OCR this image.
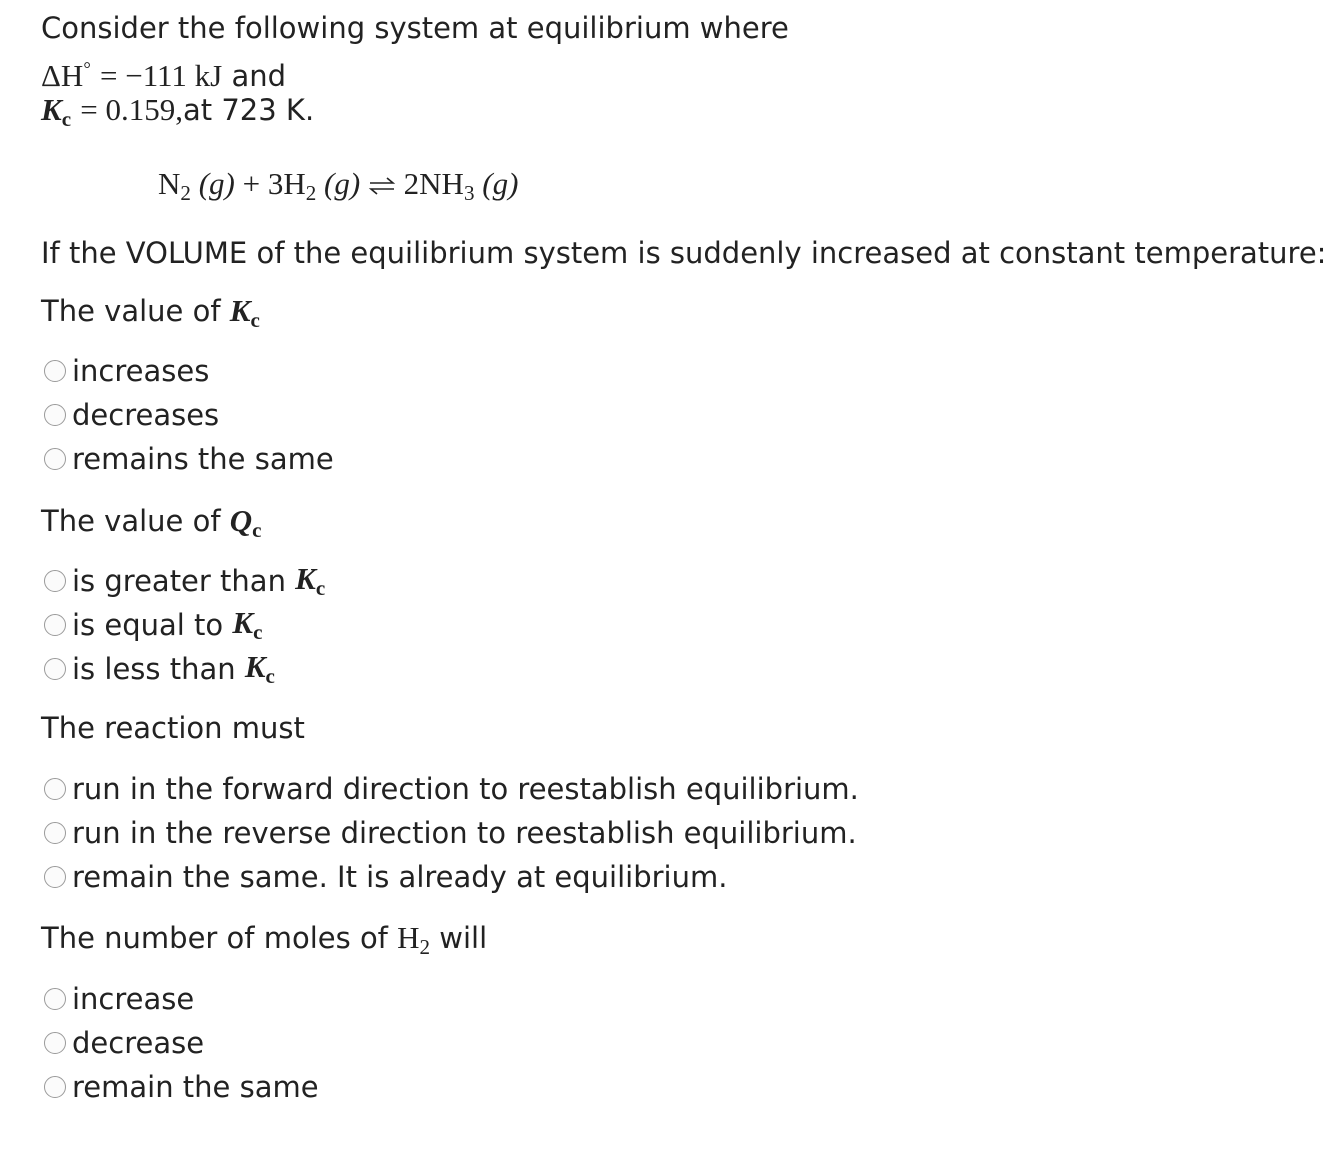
Consider the following system at equilibrium where
ΔH° = −111 kJ and
$K_c = 0.159,at$ 723 K.
$N_2$ $(g) + 3H_2$ (g) ⇌ $2NH_3$ (g)
If the VOLUME of the equilibrium system is suddenly increased at constant temperature:
The value of $K_c$
increases
decreases
remains the same
The value of $Q_c$
is greater than
$K_c$
is equal to
$K_c$
is less than
$K_c$
The reaction must
run in the forward direction to reestablish equilibrium.
run in the reverse direction to reestablish equilibrium.
remain the same. It is already at equilibrium.
The number of moles of $H_2$ will
increase
decrease
remain the same
